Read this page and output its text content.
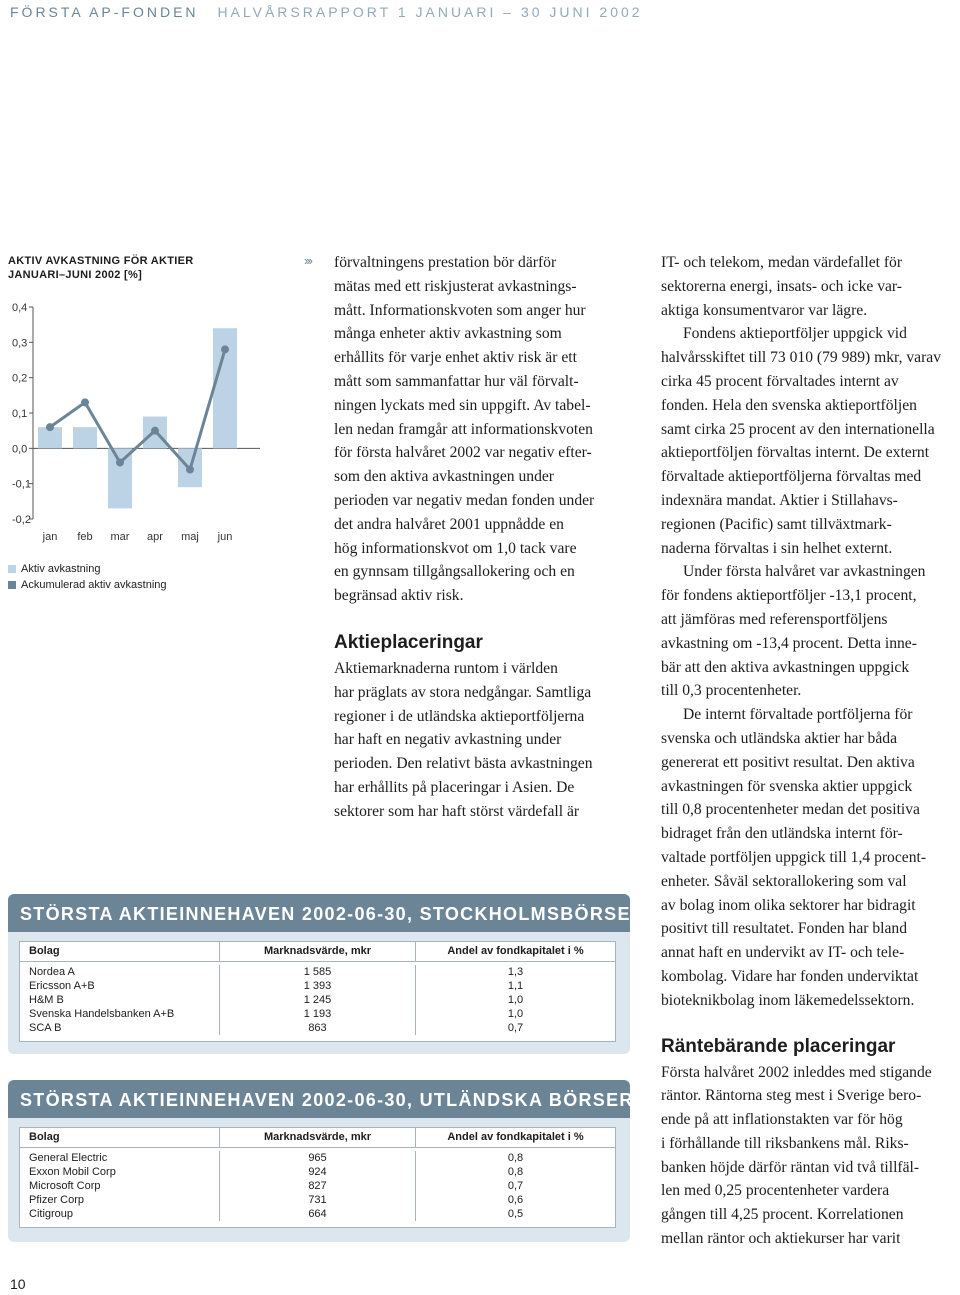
FÖRSTA AP-FONDEN HALVÅRSRAPPORT 1 JANUARI – 30 JUNI 2002
AKTIV AVKASTNING FÖR AKTIER
JANUARI–JUNI 2002 [%]
0,4
0,3
0,2
0,1
0,0
-0,1
-0,2
jan feb mar apr maj jun
Aktiv avkastning
Ackumulerad aktiv avkastning
››› förvaltningens prestation bör därför
mätas med ett riskjusterat avkastnings-
mått. Informationskvoten som anger hur
många enheter aktiv avkastning som
erhållits för varje enhet aktiv risk är ett
mått som sammanfattar hur väl förvalt-
ningen lyckats med sin uppgift. Av tabel-
len nedan framgår att informationskvoten
för första halvåret 2002 var negativ efter-
som den aktiva avkastningen under
perioden var negativ medan fonden under
det andra halvåret 2001 uppnådde en
hög informationskvot om 1,0 tack vare
en gynnsam tillgångsallokering och en
begränsad aktiv risk.

Aktieplaceringar

Aktiemarknaderna runtom i världen
har präglats av stora nedgångar. Samtliga
regioner i de utländska aktieportföljerna
har haft en negativ avkastning under
perioden. Den relativt bästa avkastningen
har erhållits på placeringar i Asien. De
sektorer som har haft störst värdefall är

IT- och telekom, medan värdefallet för
sektorerna energi, insats- och icke var-
aktiga konsumentvaror var lägre.

Fondens aktieportföljer uppgick vid
halvårsskiftet till 73 010 (79 989) mkr, varav
cirka 45 procent förvaltades internt av
fonden. Hela den svenska aktieportföljen
samt cirka 25 procent av den internationella
aktieportföljen förvaltas internt. De externt
förvaltade aktieportföljerna förvaltas med
indexnära mandat. Aktier i Stillahavs-
regionen (Pacific) samt tillväxtmark-
naderna förvaltas i sin helhet externt.

Under första halvåret var avkastningen
för fondens aktieportföljer -13,1 procent,
att jämföras med referensportföljens
avkastning om -13,4 procent. Detta inne-
bär att den aktiva avkastningen uppgick
till 0,3 procentenheter.

De internt förvaltade portföljerna för
svenska och utländska aktier har båda
genererat ett positivt resultat. Den aktiva
avkastningen för svenska aktier uppgick
till 0,8 procentenheter medan det positiva
bidraget från den utländska internt för-
valtade portföljen uppgick till 1,4 procent-
enheter. Såväl sektorallokering som val
av bolag inom olika sektorer har bidragit
positivt till resultatet. Fonden har bland
annat haft en undervikt av IT- och tele-
kombolag. Vidare har fonden underviktat
bioteknikbolag inom läkemedelssektorn.

Räntebärande placeringar

Första halvåret 2002 inleddes med stigande
räntor. Räntorna steg mest i Sverige bero-
ende på att inflationstakten var för hög
i förhållande till riksbankens mål. Riks-
banken höjde därför räntan vid två tillfäl-
len med 0,25 procentenheter vardera
gången till 4,25 procent. Korrelationen
mellan räntor och aktiekurser har varit

STÖRSTA AKTIEINNEHAVEN 2002-06-30, STOCKHOLMSBÖRSEN
Bolag	Marknadsvärde, mkr	Andel av fondkapitalet i %
Nordea A	1 585	1,3
Ericsson A+B	1 393	1,1
H&M B	1 245	1,0
Svenska Handelsbanken A+B	1 193	1,0
SCA B	863	0,7
STÖRSTA AKTIEINNEHAVEN 2002-06-30, UTLÄNDSKA BÖRSER
Bolag	Marknadsvärde, mkr	Andel av fondkapitalet i %
General Electric	965	0,8
Exxon Mobil Corp	924	0,8
Microsoft Corp	827	0,7
Pfizer Corp	731	0,6
Citigroup	664	0,5
10
